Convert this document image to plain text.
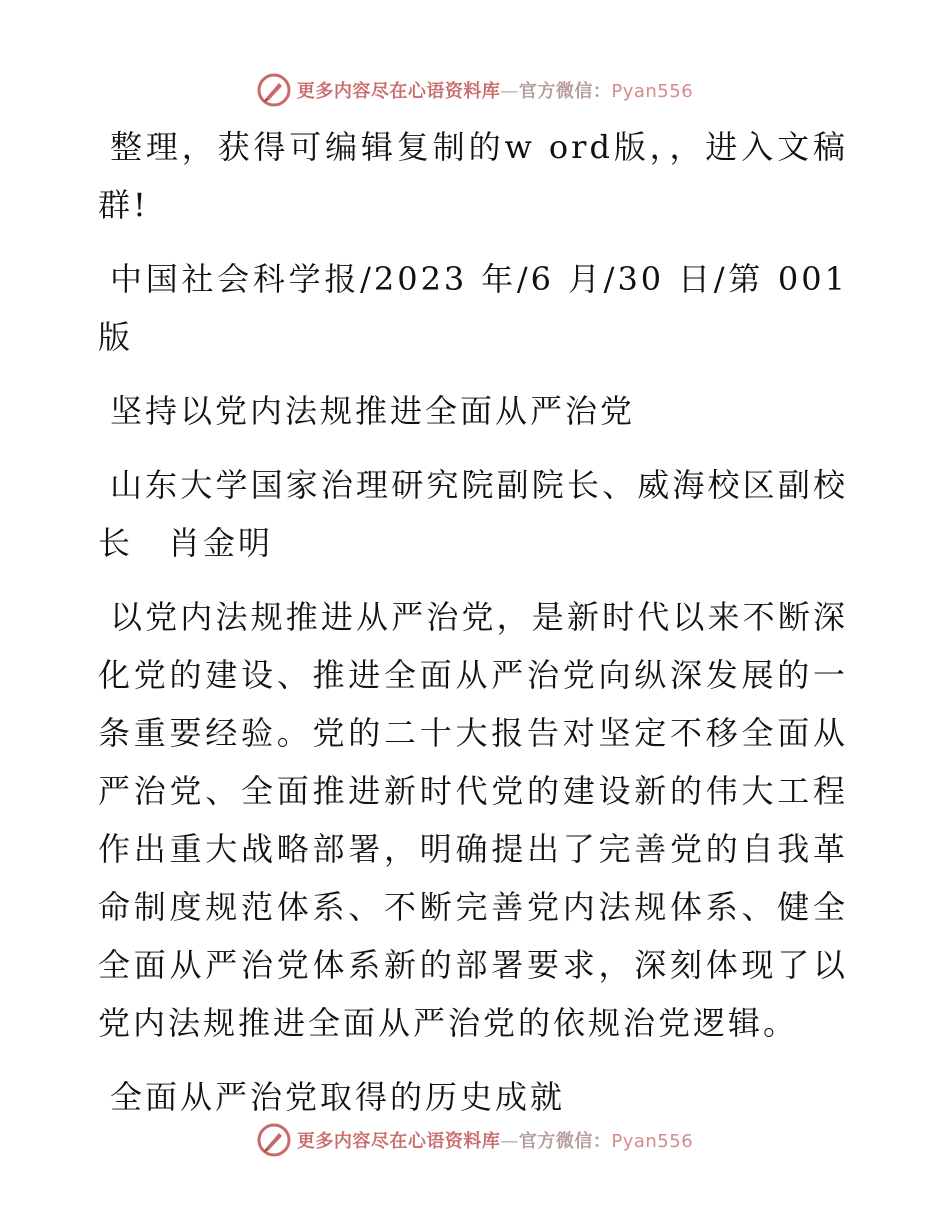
更多内容尽在心语资料库—官方微信：Pyan556

整理，获得可编辑复制的w ord版，，进入文稿群!

中国社会科学报/2023 年/6 月/30 日/第 001 版

坚持以党内法规推进全面从严治党

山东大学国家治理研究院副院长、威海校区副校长　肖金明

以党内法规推进从严治党，是新时代以来不断深化党的建设、推进全面从严治党向纵深发展的一条重要经验。党的二十大报告对坚定不移全面从严治党、全面推进新时代党的建设新的伟大工程作出重大战略部署，明确提出了完善党的自我革命制度规范体系、不断完善党内法规体系、健全全面从严治党体系新的部署要求，深刻体现了以党内法规推进全面从严治党的依规治党逻辑。

全面从严治党取得的历史成就

更多内容尽在心语资料库—官方微信：Pyan556
